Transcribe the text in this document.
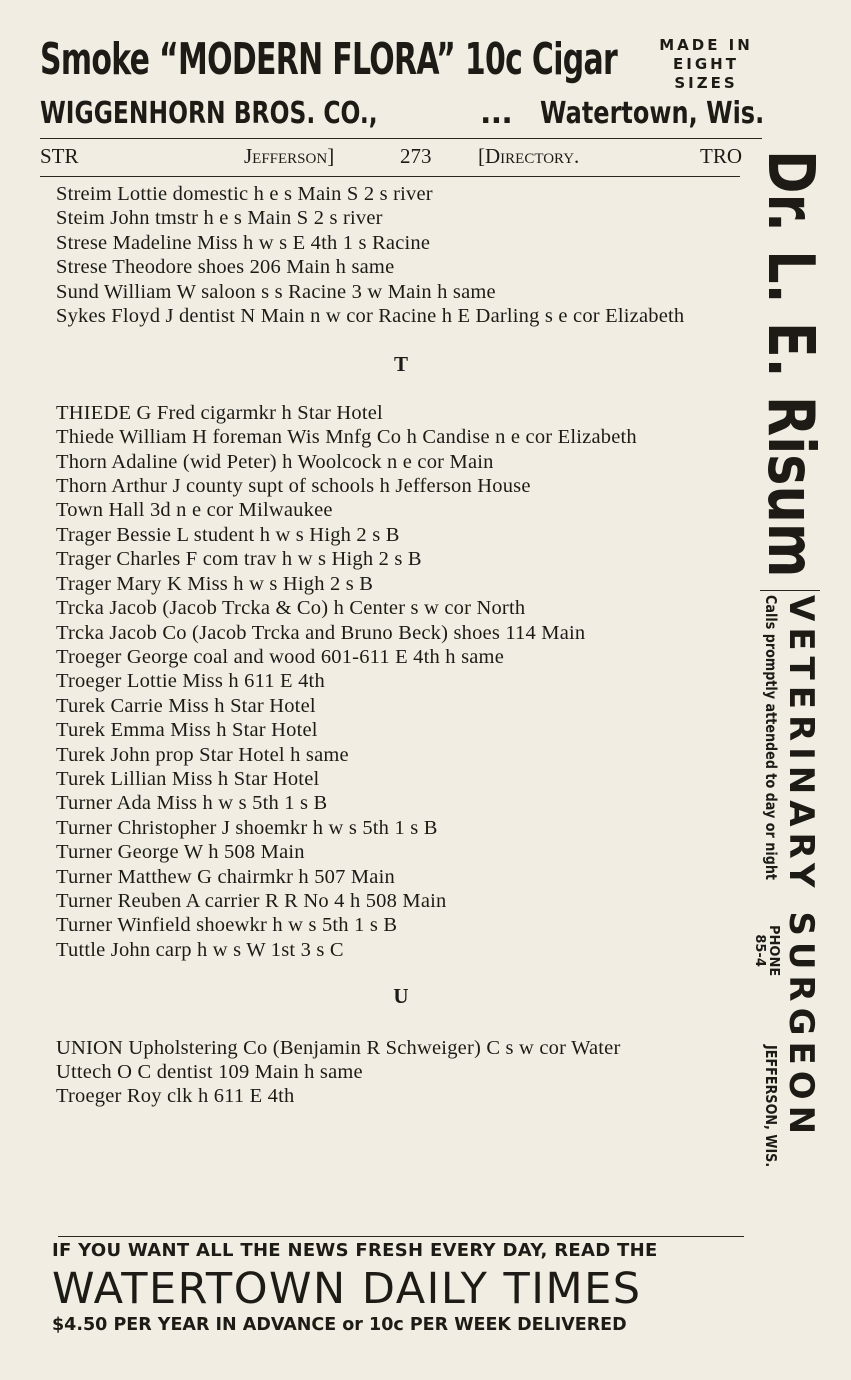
Smoke “MODERN FLORA” 10c Cigar	MADE IN
EIGHT
SIZES
WIGGENHORN BROS. CO.,	.․. Watertown, Wis.
STR	Jefferson]	273 [Directory.	TRO
Streim Lottie domestic h e s Main S 2 s river
Steim John tmstr h e s Main S 2 s river
Strese Madeline Miss h w s E 4th 1 s Racine
Strese Theodore shoes 206 Main h same
Sund William W saloon s s Racine 3 w Main h same
Sykes Floyd J dentist N Main n w cor Racine h E Darling s e cor Elizabeth
T
THIEDE G Fred cigarmkr h Star Hotel
Thiede William H foreman Wis Mnfg Co h Candise n e cor Elizabeth
Thorn Adaline (wid Peter) h Woolcock n e cor Main
Thorn Arthur J county supt of schools h Jefferson House
Town Hall 3d n e cor Milwaukee
Trager Bessie L student h w s High 2 s B
Trager Charles F com trav h w s High 2 s B
Trager Mary K Miss h w s High 2 s B
Trcka Jacob (Jacob Trcka & Co) h Center s w cor North
Trcka Jacob Co (Jacob Trcka and Bruno Beck) shoes 114 Main
Troeger George coal and wood 601-611 E 4th h same
Troeger Lottie Miss h 611 E 4th
Turek Carrie Miss h Star Hotel
Turek Emma Miss h Star Hotel
Turek John prop Star Hotel h same
Turek Lillian Miss h Star Hotel
Turner Ada Miss h w s 5th 1 s B
Turner Christopher J shoemkr h w s 5th 1 s B
Turner George W h 508 Main
Turner Matthew G chairmkr h 507 Main
Turner Reuben A carrier R R No 4 h 508 Main
Turner Winfield shoewkr h w s 5th 1 s B
Tuttle John carp h w s W 1st 3 s C
U
UNION Upholstering Co (Benjamin R Schweiger) C s w cor Water
Uttech O C dentist 109 Main h same
Troeger Roy clk h 611 E 4th
Dr. L. E. Risum
VETERINARY SURGEON
Calls promptly attended to day or night
PHONE
85-4
JEFFERSON, WIS.
IF YOU WANT ALL THE NEWS FRESH EVERY DAY, READ THE
WATERTOWN DAILY TIMES
$4.50 PER YEAR IN ADVANCE or 10c PER WEEK DELIVERED
